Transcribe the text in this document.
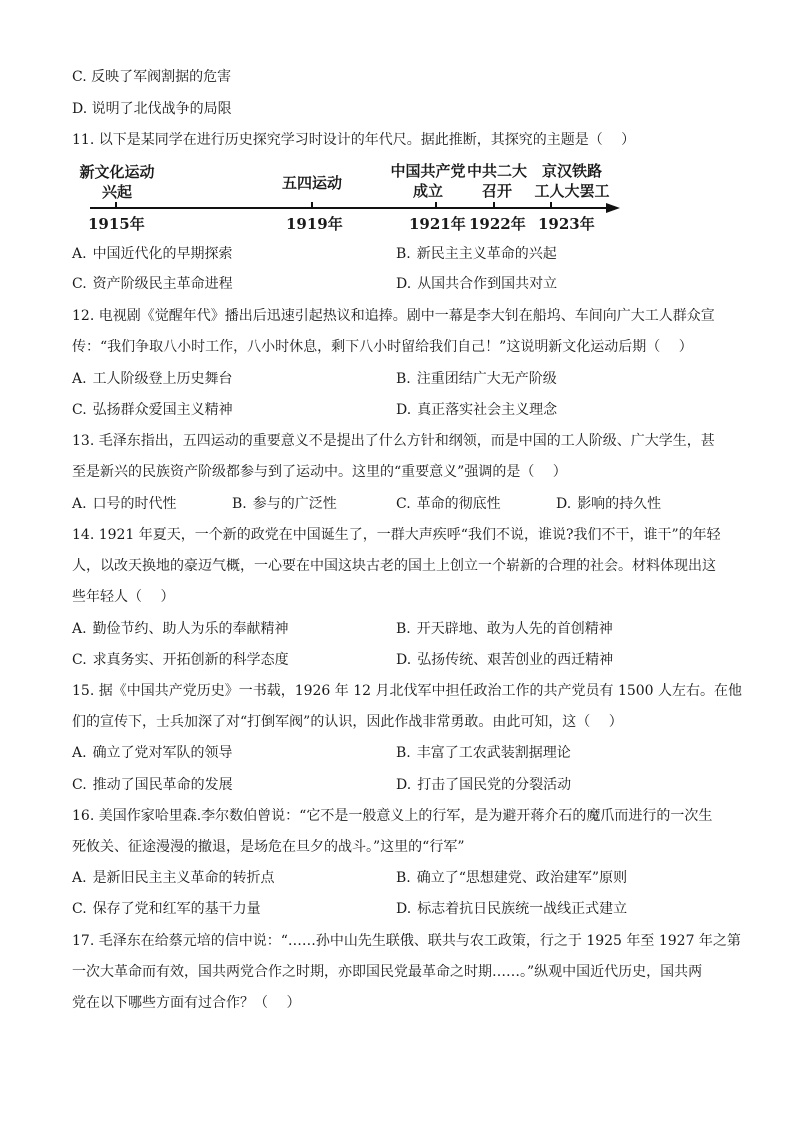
C. 反映了军阀割据的危害
D. 说明了北伐战争的局限
11. 以下是某同学在进行历史探究学习时设计的年代尺。据此推断，其探究的主题是（　 ）
新文化运动
兴起
1915年
五四运动
1919年
中国共产党
成立
1921年
中共二大
召开
1922年
京汉铁路
工人大罢工
1923年
A. 中国近代化的早期探索	B. 新民主主义革命的兴起
C. 资产阶级民主革命进程	D. 从国共合作到国共对立
12. 电视剧《觉醒年代》播出后迅速引起热议和追捧。剧中一幕是李大钊在船坞、车间向广大工人群众宣
传：“我们争取八小时工作，八小时休息，剩下八小时留给我们自己！”这说明新文化运动后期（　 ）
A. 工人阶级登上历史舞台	B. 注重团结广大无产阶级
C. 弘扬群众爱国主义精神	D. 真正落实社会主义理念
13. 毛泽东指出，五四运动的重要意义不是提出了什么方针和纲领，而是中国的工人阶级、广大学生，甚
至是新兴的民族资产阶级都参与到了运动中。这里的“重要意义”强调的是（　 ）
A. 口号的时代性	B. 参与的广泛性	C. 革命的彻底性	D. 影响的持久性
14. 1921 年夏天，一个新的政党在中国诞生了，一群大声疾呼“我们不说，谁说?我们不干，谁干”的年轻
人，以改天换地的豪迈气概，一心要在中国这块古老的国土上创立一个崭新的合理的社会。材料体现出这
些年轻人（　 ）
A. 勤俭节约、助人为乐的奉献精神	B. 开天辟地、敢为人先的首创精神
C. 求真务实、开拓创新的科学态度	D. 弘扬传统、艰苦创业的西迁精神
15. 据《中国共产党历史》一书载，1926 年 12 月北伐军中担任政治工作的共产党员有 1500 人左右。在他
们的宣传下，士兵加深了对“打倒军阀”的认识，因此作战非常勇敢。由此可知，这（　 ）
A. 确立了党对军队的领导	B. 丰富了工农武装割据理论
C. 推动了国民革命的发展	D. 打击了国民党的分裂活动
16. 美国作家哈里森.李尔数伯曾说：“它不是一般意义上的行军，是为避开蒋介石的魔爪而进行的一次生
死攸关、征途漫漫的撤退，是场危在旦夕的战斗。”这里的“行军”
A. 是新旧民主主义革命的转折点	B. 确立了“思想建党、政治建军”原则
C. 保存了党和红军的基干力量	D. 标志着抗日民族统一战线正式建立
17. 毛泽东在给蔡元培的信中说：“……孙中山先生联俄、联共与农工政策，行之于 1925 年至 1927 年之第
一次大革命而有效，国共两党合作之时期，亦即国民党最革命之时期……。”纵观中国近代历史，国共两
党在以下哪些方面有过合作？（　 ）
